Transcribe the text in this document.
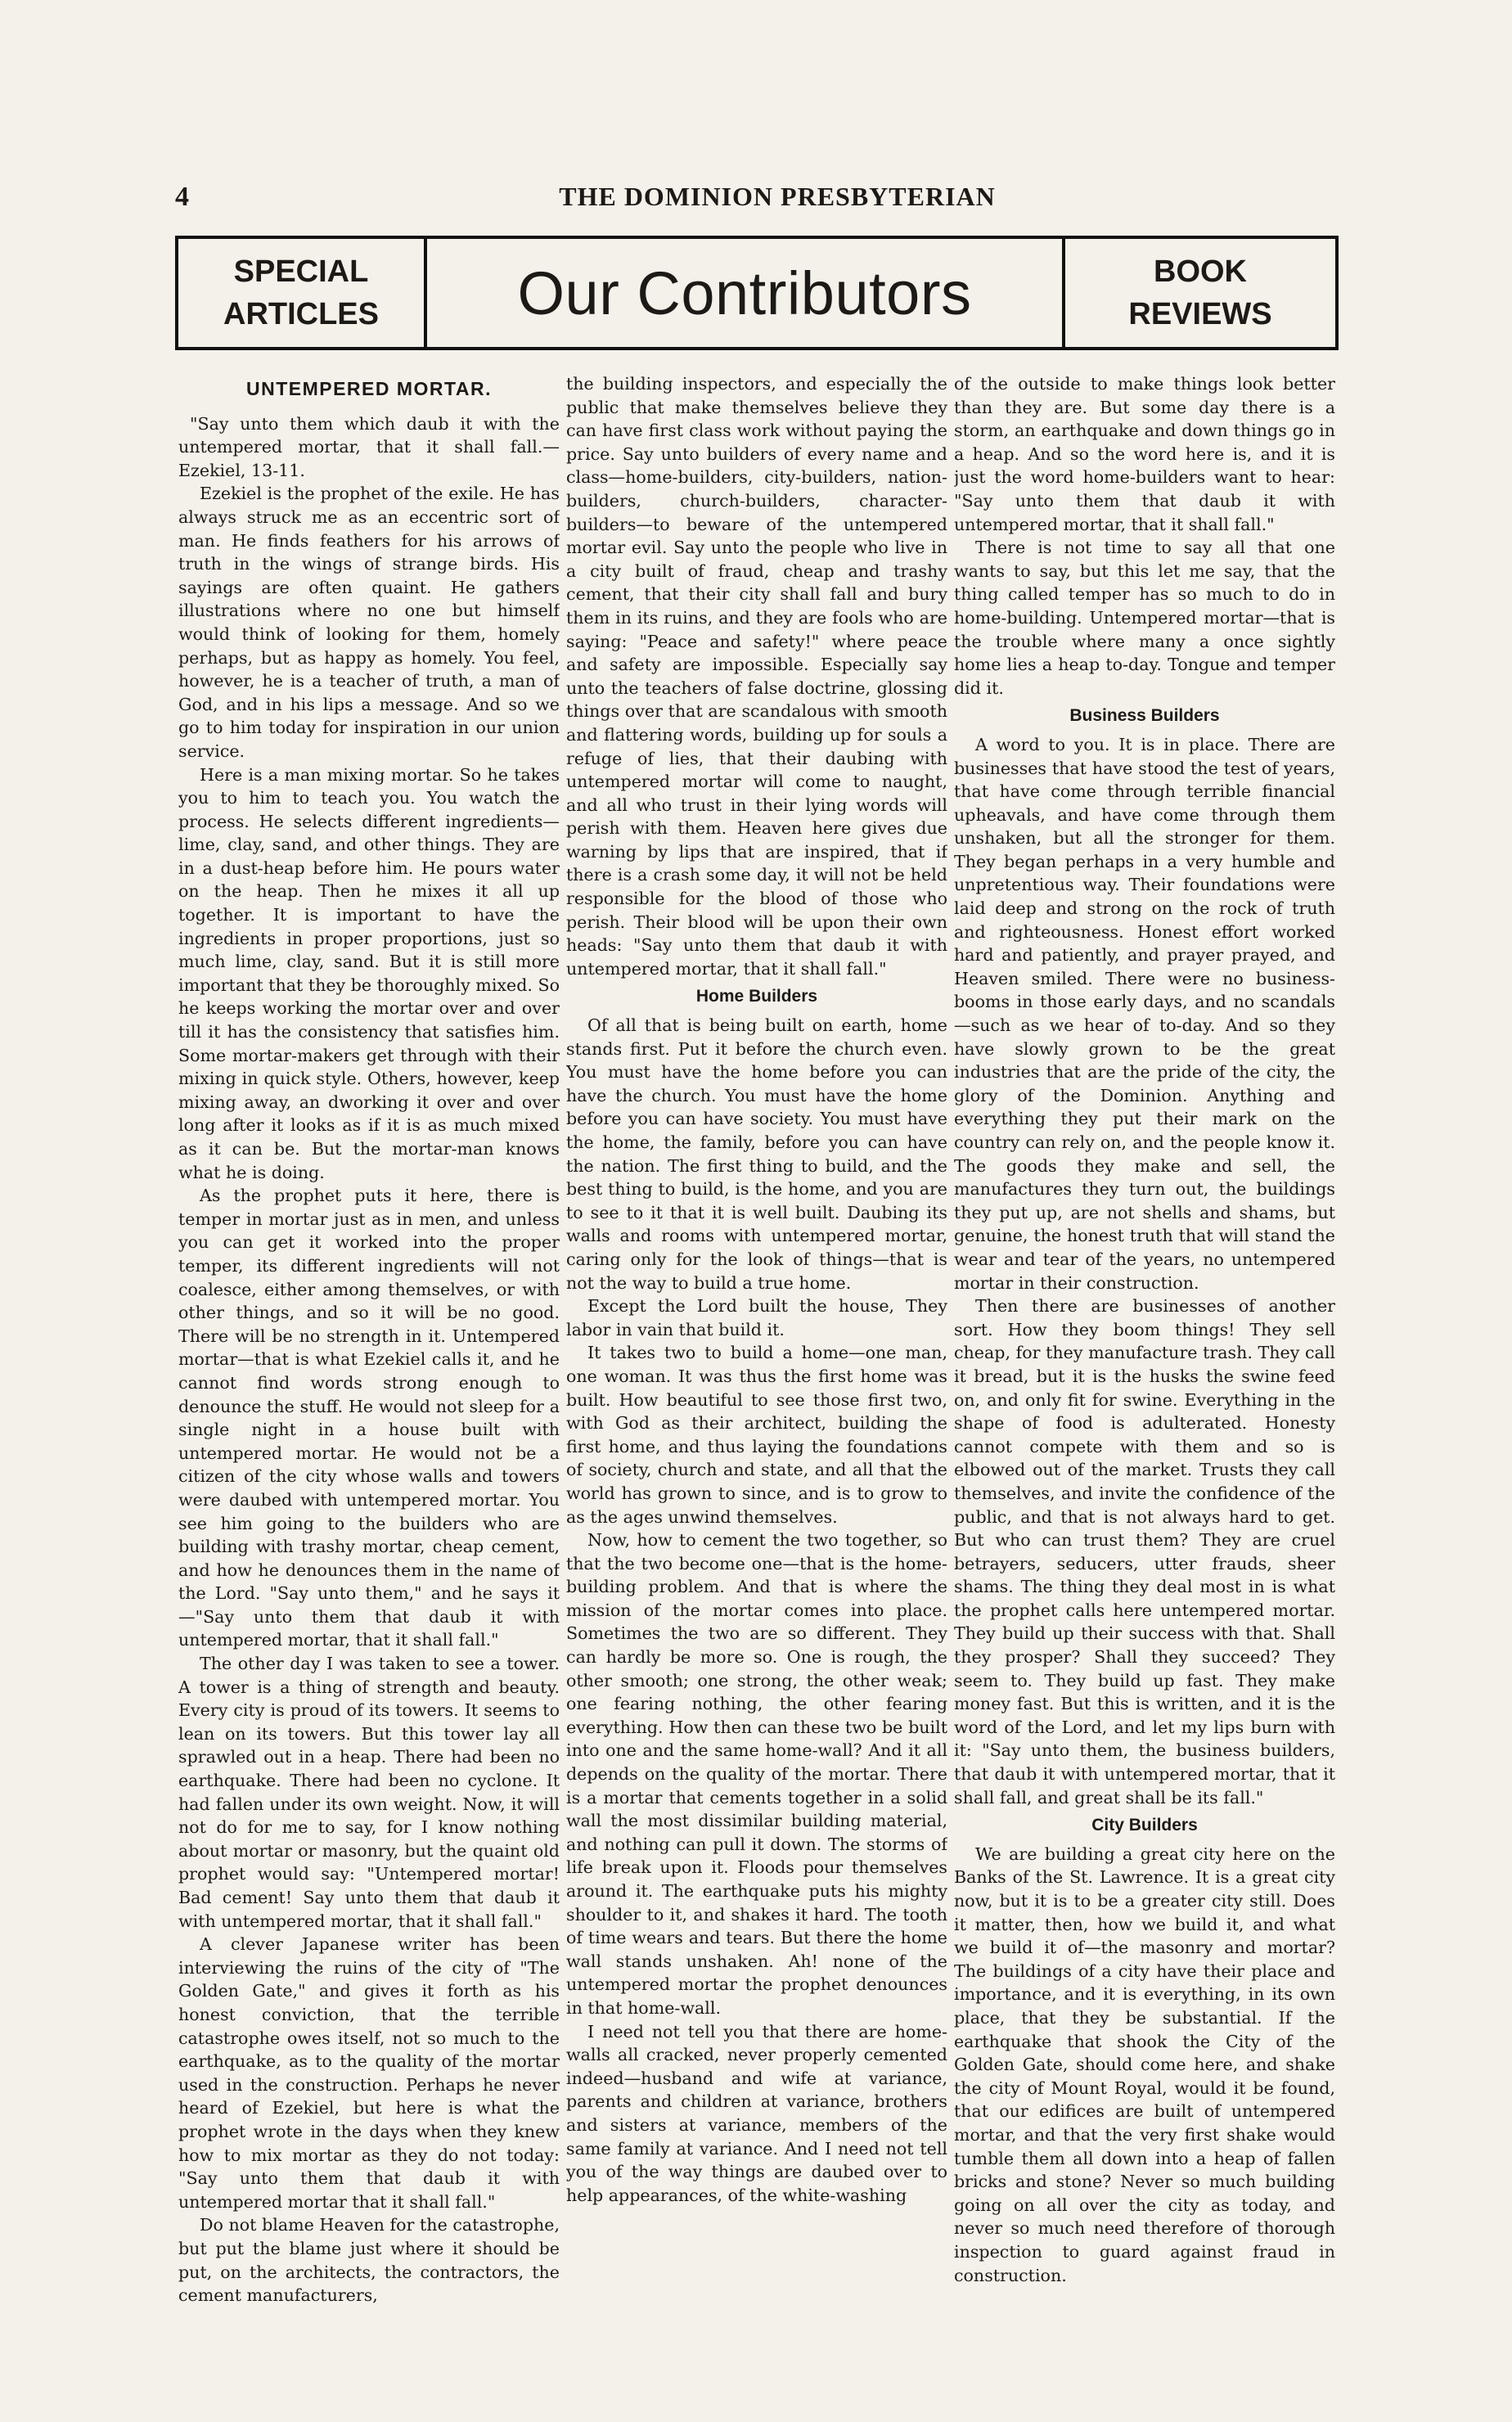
4	THE DOMINION PRESBYTERIAN
SPECIAL
ARTICLES Our Contributors	BOOK
REVIEWS
UNTEMPERED MORTAR.

"Say unto them which daub it with the untempered mortar, that it shall fall.—Ezekiel, 13-11.

Ezekiel is the prophet of the exile. He has always struck me as an eccentric sort of man. He finds feathers for his arrows of truth in the wings of strange birds. His sayings are often quaint. He gathers illustrations where no one but himself would think of looking for them, homely perhaps, but as happy as homely. You feel, however, he is a teacher of truth, a man of God, and in his lips a message. And so we go to him today for inspiration in our union service.

Here is a man mixing mortar. So he takes you to him to teach you. You watch the process. He selects different ingredients—lime, clay, sand, and other things. They are in a dust-heap before him. He pours water on the heap. Then he mixes it all up together. It is important to have the ingredients in proper proportions, just so much lime, clay, sand. But it is still more important that they be thoroughly mixed. So he keeps working the mortar over and over till it has the consistency that satisfies him. Some mortar-makers get through with their mixing in quick style. Others, however, keep mixing away, an dworking it over and over long after it looks as if it is as much mixed as it can be. But the mortar-man knows what he is doing.

As the prophet puts it here, there is temper in mortar just as in men, and unless you can get it worked into the proper temper, its different ingredients will not coalesce, either among themselves, or with other things, and so it will be no good. There will be no strength in it. Untempered mortar—that is what Ezekiel calls it, and he cannot find words strong enough to denounce the stuff. He would not sleep for a single night in a house built with untempered mortar. He would not be a citizen of the city whose walls and towers were daubed with untempered mortar. You see him going to the builders who are building with trashy mortar, cheap cement, and how he denounces them in the name of the Lord. "Say unto them," and he says it—"Say unto them that daub it with untempered mortar, that it shall fall."

The other day I was taken to see a tower. A tower is a thing of strength and beauty. Every city is proud of its towers. It seems to lean on its towers. But this tower lay all sprawled out in a heap. There had been no earthquake. There had been no cyclone. It had fallen under its own weight. Now, it will not do for me to say, for I know nothing about mortar or masonry, but the quaint old prophet would say: "Untempered mortar! Bad cement! Say unto them that daub it with untempered mortar, that it shall fall."

A clever Japanese writer has been interviewing the ruins of the city of "The Golden Gate," and gives it forth as his honest conviction, that the terrible catastrophe owes itself, not so much to the earthquake, as to the quality of the mortar used in the construction. Perhaps he never heard of Ezekiel, but here is what the prophet wrote in the days when they knew how to mix mortar as they do not today: "Say unto them that daub it with untempered mortar that it shall fall."

Do not blame Heaven for the catastrophe, but put the blame just where it should be put, on the architects, the contractors, the cement manufacturers,

the building inspectors, and especially the public that make themselves believe they can have first class work without paying the price. Say unto builders of every name and class—home-builders, city-builders, nation-builders, church-builders, character-builders—to beware of the untempered mortar evil. Say unto the people who live in a city built of fraud, cheap and trashy cement, that their city shall fall and bury them in its ruins, and they are fools who are saying: "Peace and safety!" where peace and safety are impossible. Especially say unto the teachers of false doctrine, glossing things over that are scandalous with smooth and flattering words, building up for souls a refuge of lies, that their daubing with untempered mortar will come to naught, and all who trust in their lying words will perish with them. Heaven here gives due warning by lips that are inspired, that if there is a crash some day, it will not be held responsible for the blood of those who perish. Their blood will be upon their own heads: "Say unto them that daub it with untempered mortar, that it shall fall."

Home Builders

Of all that is being built on earth, home stands first. Put it before the church even. You must have the home before you can have the church. You must have the home before you can have society. You must have the home, the family, before you can have the nation. The first thing to build, and the best thing to build, is the home, and you are to see to it that it is well built. Daubing its walls and rooms with untempered mortar, caring only for the look of things—that is not the way to build a true home.

Except the Lord built the house, They labor in vain that build it.

It takes two to build a home—one man, one woman. It was thus the first home was built. How beautiful to see those first two, with God as their architect, building the first home, and thus laying the foundations of society, church and state, and all that the world has grown to since, and is to grow to as the ages unwind themselves.

Now, how to cement the two together, so that the two become one—that is the home-building problem. And that is where the mission of the mortar comes into place. Sometimes the two are so different. They can hardly be more so. One is rough, the other smooth; one strong, the other weak; one fearing nothing, the other fearing everything. How then can these two be built into one and the same home-wall? And it all depends on the quality of the mortar. There is a mortar that cements together in a solid wall the most dissimilar building material, and nothing can pull it down. The storms of life break upon it. Floods pour themselves around it. The earthquake puts his mighty shoulder to it, and shakes it hard. The tooth of time wears and tears. But there the home wall stands unshaken. Ah! none of the untempered mortar the prophet denounces in that home-wall.

I need not tell you that there are home-walls all cracked, never properly cemented indeed—husband and wife at variance, parents and children at variance, brothers and sisters at variance, members of the same family at variance. And I need not tell you of the way things are daubed over to help appearances, of the white-washing

of the outside to make things look better than they are. But some day there is a storm, an earthquake and down things go in a heap. And so the word here is, and it is just the word home-builders want to hear: "Say unto them that daub it with untempered mortar, that it shall fall."

There is not time to say all that one wants to say, but this let me say, that the thing called temper has so much to do in home-building. Untempered mortar—that is the trouble where many a once sightly home lies a heap to-day. Tongue and temper did it.

Business Builders

A word to you. It is in place. There are businesses that have stood the test of years, that have come through terrible financial upheavals, and have come through them unshaken, but all the stronger for them. They began perhaps in a very humble and unpretentious way. Their foundations were laid deep and strong on the rock of truth and righteousness. Honest effort worked hard and patiently, and prayer prayed, and Heaven smiled. There were no business-booms in those early days, and no scandals—such as we hear of to-day. And so they have slowly grown to be the great industries that are the pride of the city, the glory of the Dominion. Anything and everything they put their mark on the country can rely on, and the people know it. The goods they make and sell, the manufactures they turn out, the buildings they put up, are not shells and shams, but genuine, the honest truth that will stand the wear and tear of the years, no untempered mortar in their construction.

Then there are businesses of another sort. How they boom things! They sell cheap, for they manufacture trash. They call it bread, but it is the husks the swine feed on, and only fit for swine. Everything in the shape of food is adulterated. Honesty cannot compete with them and so is elbowed out of the market. Trusts they call themselves, and invite the confidence of the public, and that is not always hard to get. But who can trust them? They are cruel betrayers, seducers, utter frauds, sheer shams. The thing they deal most in is what the prophet calls here untempered mortar. They build up their success with that. Shall they prosper? Shall they succeed? They seem to. They build up fast. They make money fast. But this is written, and it is the word of the Lord, and let my lips burn with it: "Say unto them, the business builders, that daub it with untempered mortar, that it shall fall, and great shall be its fall."

City Builders

We are building a great city here on the Banks of the St. Lawrence. It is a great city now, but it is to be a greater city still. Does it matter, then, how we build it, and what we build it of—the masonry and mortar? The buildings of a city have their place and importance, and it is everything, in its own place, that they be substantial. If the earthquake that shook the City of the Golden Gate, should come here, and shake the city of Mount Royal, would it be found, that our edifices are built of untempered mortar, and that the very first shake would tumble them all down into a heap of fallen bricks and stone? Never so much building going on all over the city as today, and never so much need therefore of thorough inspection to guard against fraud in construction.
